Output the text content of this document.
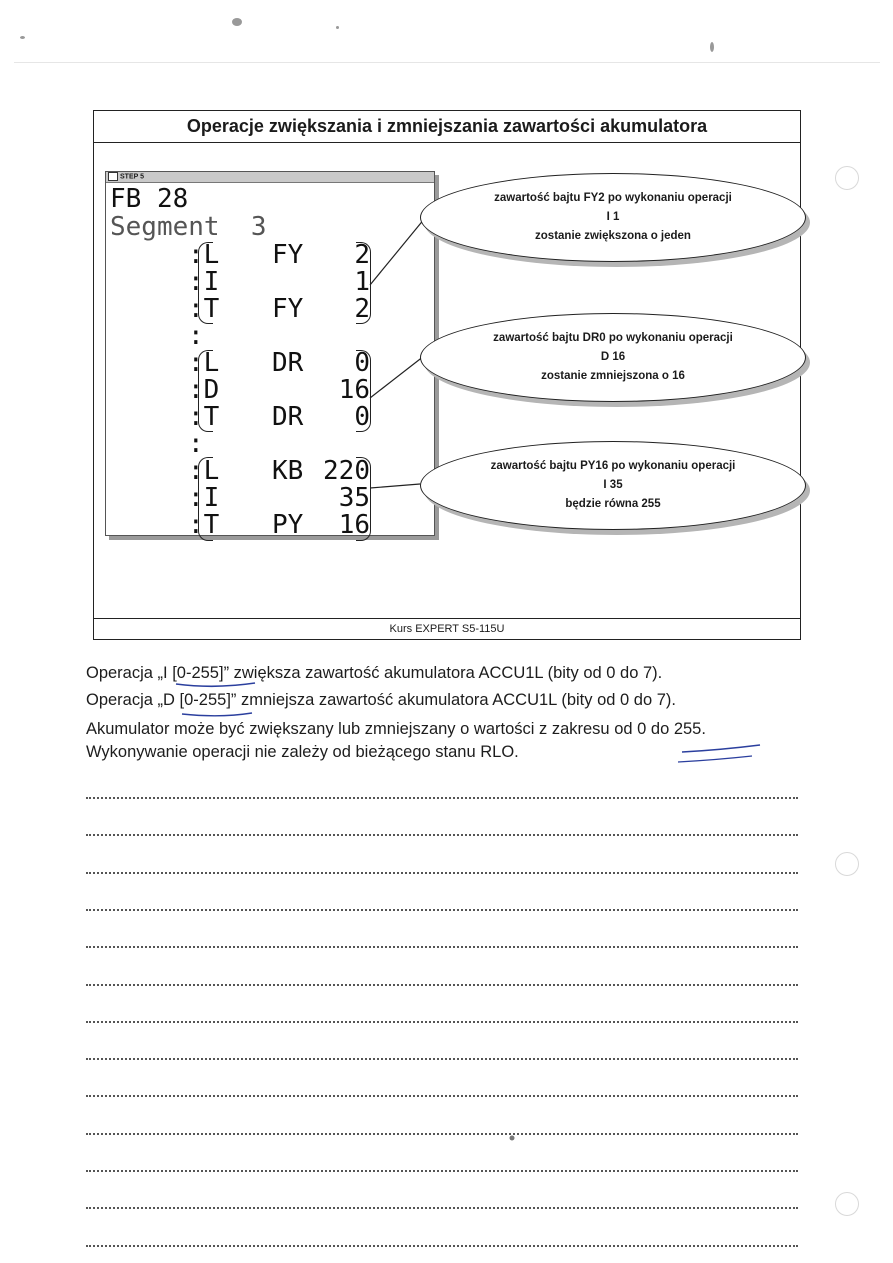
Operacje zwiększania i zmniejszania zawartości akumulatora
STEP 5
FB 28
Segment  3
:L FY 2
:I	1
:T FY 2
:
:L DR 0
:D	16
:T DR 0
:
:L KB 220
:I	35
:T PY 16
zawartość bajtu FY2 po wykonaniu operacji
I 1
zostanie zwiększona o jeden
zawartość bajtu DR0 po wykonaniu operacji
D 16
zostanie zmniejszona o 16
zawartość bajtu PY16 po wykonaniu operacji
I 35
będzie równa 255
Kurs EXPERT S5-115U
Operacja „I [0-255]” zwiększa zawartość akumulatora ACCU1L (bity od 0 do 7).
Operacja „D [0-255]” zmniejsza zawartość akumulatora ACCU1L (bity od 0 do 7).
Akumulator może być zwiększany lub zmniejszany o wartości z zakresu od 0 do 255.
Wykonywanie operacji nie zależy od bieżącego stanu RLO.
